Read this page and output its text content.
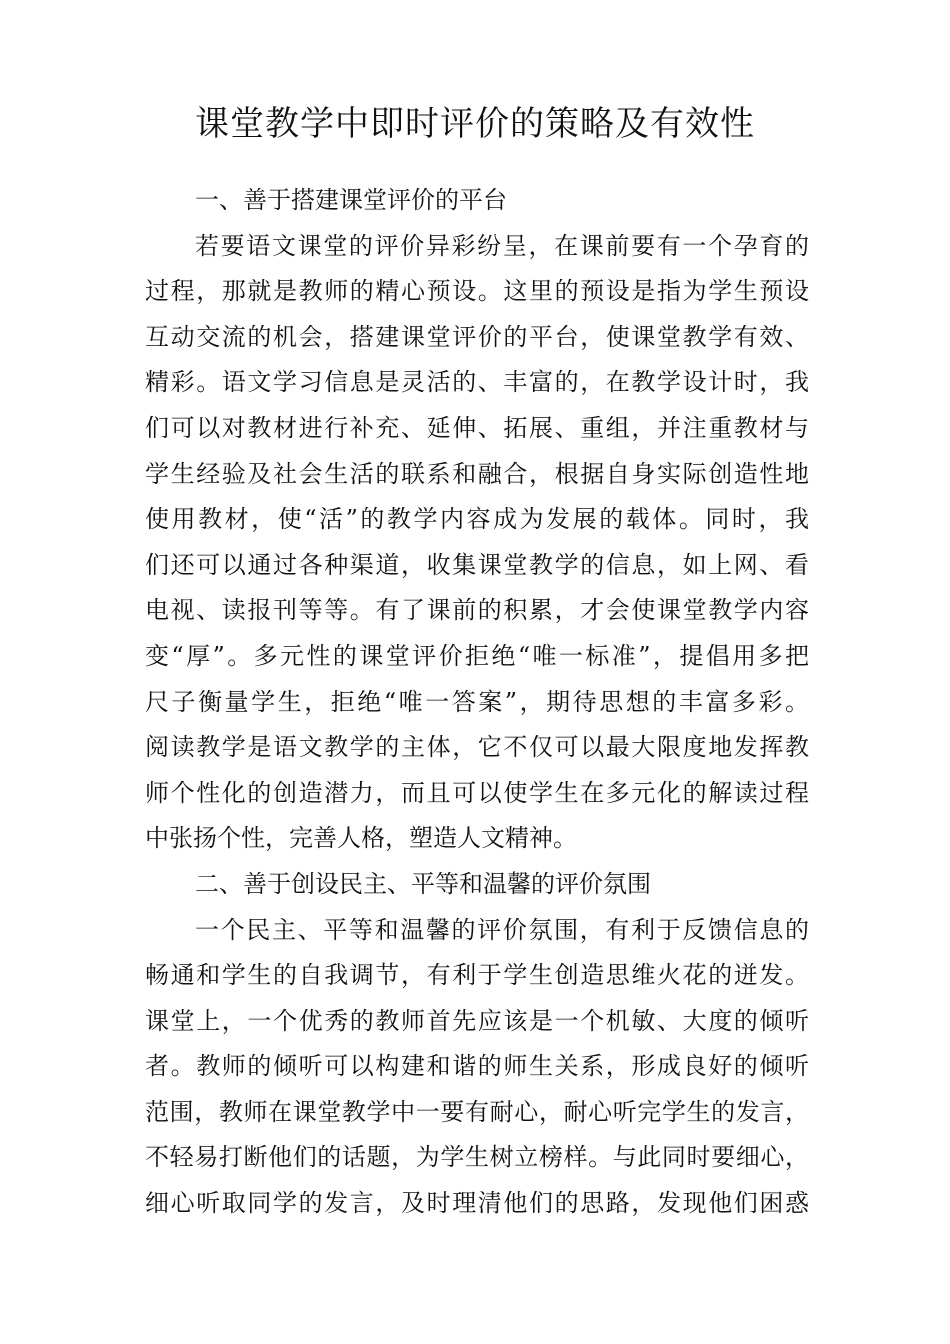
课堂教学中即时评价的策略及有效性
一、善于搭建课堂评价的平台
若要语文课堂的评价异彩纷呈，在课前要有一个孕育的
过程，那就是教师的精心预设。这里的预设是指为学生预设
互动交流的机会，搭建课堂评价的平台，使课堂教学有效、
精彩。语文学习信息是灵活的、丰富的，在教学设计时，我
们可以对教材进行补充、延伸、拓展、重组，并注重教材与
学生经验及社会生活的联系和融合，根据自身实际创造性地
使用教材，使“活”的教学内容成为发展的载体。同时，我
们还可以通过各种渠道，收集课堂教学的信息，如上网、看
电视、读报刊等等。有了课前的积累，才会使课堂教学内容
变“厚”。多元性的课堂评价拒绝“唯一标准”，提倡用多把
尺子衡量学生，拒绝“唯一答案”，期待思想的丰富多彩。
阅读教学是语文教学的主体，它不仅可以最大限度地发挥教
师个性化的创造潜力，而且可以使学生在多元化的解读过程
中张扬个性，完善人格，塑造人文精神。
二、善于创设民主、平等和温馨的评价氛围
一个民主、平等和温馨的评价氛围，有利于反馈信息的
畅通和学生的自我调节，有利于学生创造思维火花的迸发。
课堂上，一个优秀的教师首先应该是一个机敏、大度的倾听
者。教师的倾听可以构建和谐的师生关系，形成良好的倾听
范围，教师在课堂教学中一要有耐心，耐心听完学生的发言，
不轻易打断他们的话题，为学生树立榜样。与此同时要细心，
细心听取同学的发言，及时理清他们的思路，发现他们困惑
